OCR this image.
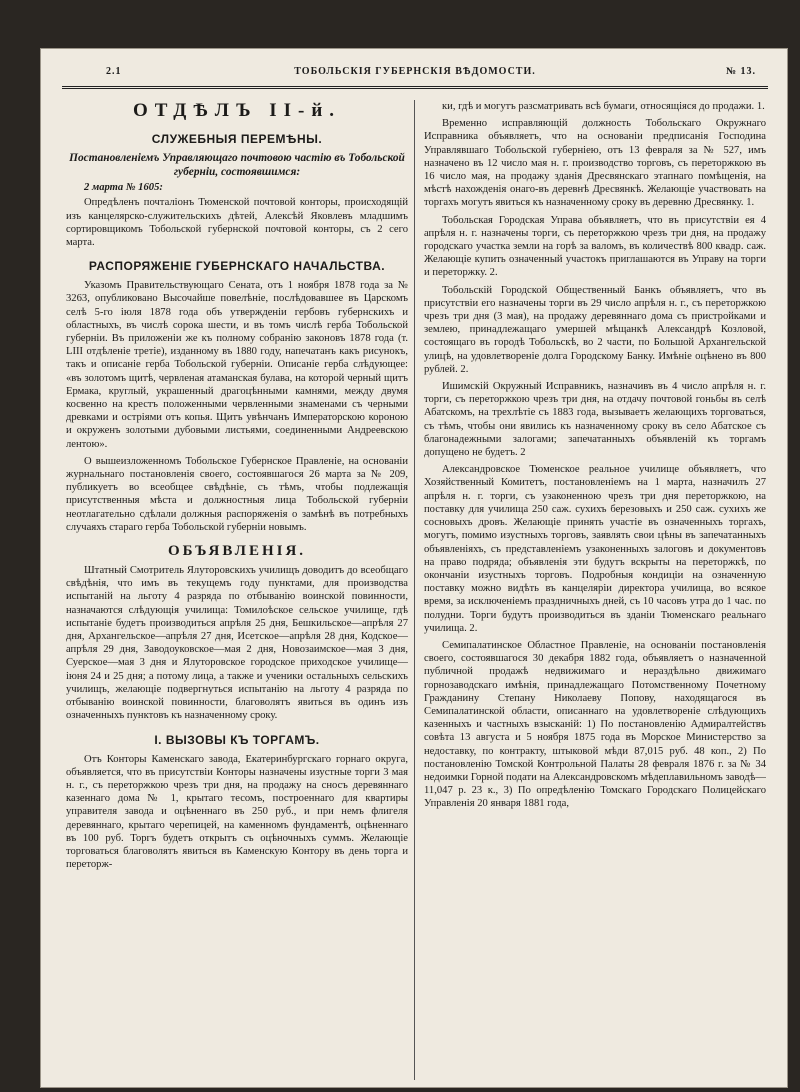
2.1	ТОБОЛЬСКІЯ ГУБЕРНСКІЯ ВѢДОМОСТИ.	№ 13.
ОТДѢЛЪ II-й.
СЛУЖЕБНЫЯ ПЕРЕМѢНЫ.
Постановленіемъ Управляющаго почтовою частію въ Тобольской губерніи, состоявшимся:
2 марта № 1605:

Опредѣленъ почталіонъ Тюменской почтовой конторы, происходящій изъ канцелярско-служительскихъ дѣтей, Алексѣй Яковлевъ младшимъ сортировщикомъ Тобольской губернской почтовой конторы, съ 2 сего марта.

РАСПОРЯЖЕНІЕ ГУБЕРНСКАГО НАЧАЛЬСТВА.

Указомъ Правительствующаго Сената, отъ 1 ноября 1878 года за № 3263, опубликовано Высочайше повелѣніе, послѣдовавшее въ Царскомъ селѣ 5-го іюля 1878 года объ утвержденіи гербовъ губернскихъ и областныхъ, въ числѣ сорока шести, и въ томъ числѣ герба Тобольской губерніи. Въ приложеніи же къ полному собранію законовъ 1878 года (т. LIII отдѣленіе третіе), изданному въ 1880 году, напечатанъ какъ рисунокъ, такъ и описаніе герба Тобольской губерніи. Описаніе герба слѣдующее: «въ золотомъ щитѣ, червленая атаманская булава, на которой черный щитъ Ермака, круглый, украшенный драгоцѣнными камнями, между двумя косвенно на крестъ положенными червленными знаменами съ черными древками и остріями отъ копья. Щитъ увѣнчанъ Императорскою короною и окруженъ золотыми дубовыми листьями, соединенными Андреевскою лентою».

О вышеизложенномъ Тобольское Губернское Правленіе, на основаніи журнальнаго постановленія своего, состоявшагося 26 марта за № 209, публикуетъ во всеобщее свѣдѣніе, съ тѣмъ, чтобы подлежащія присутственныя мѣста и должностныя лица Тобольской губерніи неотлагательно сдѣлали должныя распоряженія о замѣнѣ въ потребныхъ случаяхъ стараго герба Тобольской губерніи новымъ.

ОБЪЯВЛЕНІЯ.

Штатный Смотритель Ялуторовскихъ училищъ доводитъ до всеобщаго свѣдѣнія, что имъ въ текущемъ году пунктами, для производства испытаній на льготу 4 разряда по отбыванію воинской повинности, назначаются слѣдующія училища: Томилоѣское сельское училище, гдѣ испытаніе будетъ производиться апрѣля 25 дня, Бешкильское—апрѣля 27 дня, Архангельское—апрѣля 27 дня, Исетское—апрѣля 28 дня, Кодское—апрѣля 29 дня, Заводоуковское—мая 2 дня, Новозаимское—мая 3 дня, Суерское—мая 3 дня и Ялуторовское городское приходское училище—іюня 24 и 25 дня; а потому лица, а также и ученики остальныхъ сельскихъ училищъ, желающіе подвергнуться испытанію на льготу 4 разряда по отбыванію воинской повинности, благоволятъ явиться въ одинъ изъ означенныхъ пунктовъ къ назначенному сроку.

I. ВЫЗОВЫ КЪ ТОРГАМЪ.

Отъ Конторы Каменскаго завода, Екатеринбургскаго горнаго округа, объявляется, что въ присутствіи Конторы назначены изустные торги 3 мая н. г., съ переторжкою чрезъ три дня, на продажу на сносъ деревяннаго казеннаго дома № 1, крытаго тесомъ, построеннаго для квартиры управителя завода и оцѣненнаго въ 250 руб., и при немъ флигеля деревяннаго, крытаго черепицей, на каменномъ фундаментѣ, оцѣненнаго въ 100 руб. Торгъ будетъ открытъ съ оцѣночныхъ суммъ. Желающіе торговаться благоволятъ явиться въ Каменскую Контору въ день торга и переторж-

ки, гдѣ и могутъ разсматривать всѣ бумаги, относящіяся до продажи. 1.

Временно исправляющій должность Тобольскаго Окружнаго Исправника объявляетъ, что на основаніи предписанія Господина Управлявшаго Тобольской губерніею, отъ 13 февраля за № 527, имъ назначено въ 12 число мая н. г. производство торговъ, съ переторжкою въ 16 число мая, на продажу зданія Дресвянскаго этапнаго помѣщенія, на мѣстѣ нахожденія онаго-въ деревнѣ Дресвянкѣ. Желающіе участвовать на торгахъ могутъ явиться къ назначенному сроку въ деревню Дресвянку. 1.

Тобольская Городская Управа объявляетъ, что въ присутствіи ея 4 апрѣля н. г. назначены торги, съ переторжкою чрезъ три дня, на продажу городскаго участка земли на горѣ за валомъ, въ количествѣ 800 квадр. саж. Желающіе купить означенный участокъ приглашаются въ Управу на торги и переторжку. 2.

Тобольскій Городской Общественный Банкъ объявляетъ, что въ присутствіи его назначены торги въ 29 число апрѣля н. г., съ переторжкою чрезъ три дня (3 мая), на продажу деревяннаго дома съ пристройками и землею, принадлежащаго умершей мѣщанкѣ Александрѣ Козловой, состоящаго въ городѣ Тобольскѣ, во 2 части, по Большой Архангельской улицѣ, на удовлетвореніе долга Городскому Банку. Имѣніе оцѣнено въ 800 рублей. 2.

Ишимскій Окружный Исправникъ, назначивъ въ 4 число апрѣля н. г. торги, съ переторжкою чрезъ три дня, на отдачу почтовой гоньбы въ селѣ Абатскомъ, на трехлѣтіе съ 1883 года, вызываетъ желающихъ торговаться, съ тѣмъ, чтобы они явились къ назначенному сроку въ село Абатское съ благонадежными залогами; запечатанныхъ объявленій къ торгамъ допущено не будетъ. 2

Александровское Тюменское реальное училище объявляетъ, что Хозяйственный Комитетъ, постановленіемъ на 1 марта, назначилъ 27 апрѣля н. г. торги, съ узаконенною чрезъ три дня переторжкою, на поставку для училища 250 саж. сухихъ березовыхъ и 250 саж. сухихъ же сосновыхъ дровъ. Желающіе принять участіе въ означенныхъ торгахъ, могутъ, помимо изустныхъ торговъ, заявлять свои цѣны въ запечатанныхъ объявленіяхъ, съ представленіемъ узаконенныхъ залоговъ и документовъ на право подряда; объявленія эти будутъ вскрыты на переторжкѣ, по окончаніи изустныхъ торговъ. Подробныя кондиціи на означенную поставку можно видѣть въ канцеляріи директора училища, во всякое время, за исключеніемъ праздничныхъ дней, съ 10 часовъ утра до 1 час. по полудни. Торги будутъ производиться въ зданіи Тюменскаго реальнаго училища. 2.

Семипалатинское Областное Правленіе, на основаніи постановленія своего, состоявшагося 30 декабря 1882 года, объявляетъ о назначенной публичной продажѣ недвижимаго и нераздѣльно движимаго горнозаводскаго имѣнія, принадлежащаго Потомственному Почетному Гражданину Степану Николаеву Попову, находящагося въ Семипалатинской области, описаннаго на удовлетвореніе слѣдующихъ казенныхъ и частныхъ взысканій: 1) По постановленію Адмиралтействъ совѣта 13 августа и 5 ноября 1875 года въ Морское Министерство за недоставку, по контракту, штыковой мѣди 87,015 руб. 48 коп., 2) По постановленію Томской Контрольной Палаты 28 февраля 1876 г. за № 34 недоимки Горной подати на Александровскомъ мѣдеплавильномъ заводѣ—11,047 р. 23 к., 3) По опредѣленію Томскаго Городскаго Полицейскаго Управленія 20 января 1881 года,
